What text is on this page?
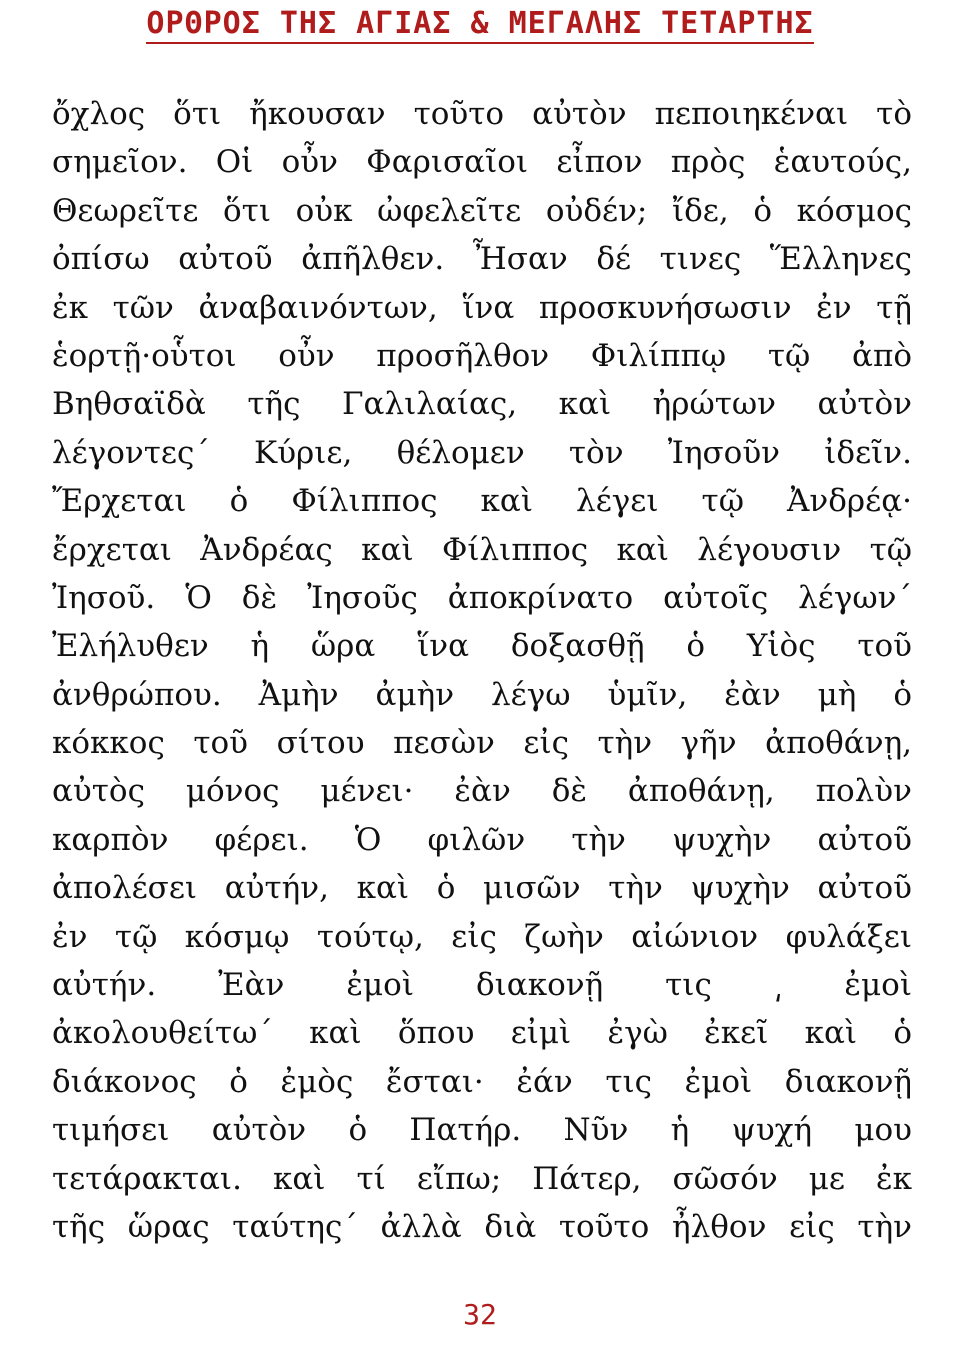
ΟΡΘΡΟΣ ΤΗΣ ΑΓΙΑΣ & ΜΕΓΑΛΗΣ ΤΕΤΑΡΤΗΣ
ὄχλος ὅτι ἤκουσαν τοῦτο αὐτὸν πεποιηκέναι τὸ
σημεῖον. Οἱ οὖν Φαρισαῖοι εἶπον πρὸς ἑαυτούς,
Θεωρεῖτε ὅτι οὐκ ὠφελεῖτε οὐδέν; ἴδε, ὁ κόσμος
ὀπίσω αὐτοῦ ἀπῆλθεν. Ἦσαν δέ τινες Ἕλληνες
ἐκ τῶν ἀναβαινόντων, ἵνα προσκυνήσωσιν ἐν τῇ
ἑορτῇ·οὗτοι οὖν προσῆλθον Φιλίππῳ τῷ ἀπὸ
Βηθσαϊδὰ τῆς Γαλιλαίας, καὶ ἠρώτων αὐτὸν
λέγοντες΄ Κύριε, θέλομεν τὸν Ἰησοῦν ἰδεῖν.
Ἔρχεται ὁ Φίλιππος καὶ λέγει τῷ Ἀνδρέᾳ·
ἔρχεται Ἀνδρέας καὶ Φίλιππος καὶ λέγουσιν τῷ
Ἰησοῦ. Ὁ δὲ Ἰησοῦς ἀποκρίνατο αὐτοῖς λέγων΄
Ἐλήλυθεν ἡ ὥρα ἵνα δοξασθῇ ὁ Υἱὸς τοῦ
ἀνθρώπου. Ἀμὴν ἀμὴν λέγω ὑμῖν, ἐὰν μὴ ὁ
κόκκος τοῦ σίτου πεσὼν εἰς τὴν γῆν ἀποθάνῃ,
αὐτὸς μόνος μένει· ἐὰν δὲ ἀποθάνῃ, πολὺν
καρπὸν φέρει. Ὁ φιλῶν τὴν ψυχὴν αὐτοῦ
ἀπολέσει αὐτήν, καὶ ὁ μισῶν τὴν ψυχὴν αὐτοῦ
ἐν τῷ κόσμῳ τούτῳ, εἰς ζωὴν αἰώνιον φυλάξει
αὐτήν. Ἐὰν ἐμοὶ διακονῇ τις ͵ ἐμοὶ
ἀκολουθείτω΄ καὶ ὅπου εἰμὶ ἐγὼ ἐκεῖ καὶ ὁ
διάκονος ὁ ἐμὸς ἔσται· ἐάν τις ἐμοὶ διακονῇ
τιμήσει αὐτὸν ὁ Πατήρ. Νῦν ἡ ψυχή μου
τετάρακται. καὶ τί εἴπω; Πάτερ, σῶσόν με ἐκ
τῆς ὥρας ταύτης΄ ἀλλὰ διὰ τοῦτο ἦλθον εἰς τὴν
32
